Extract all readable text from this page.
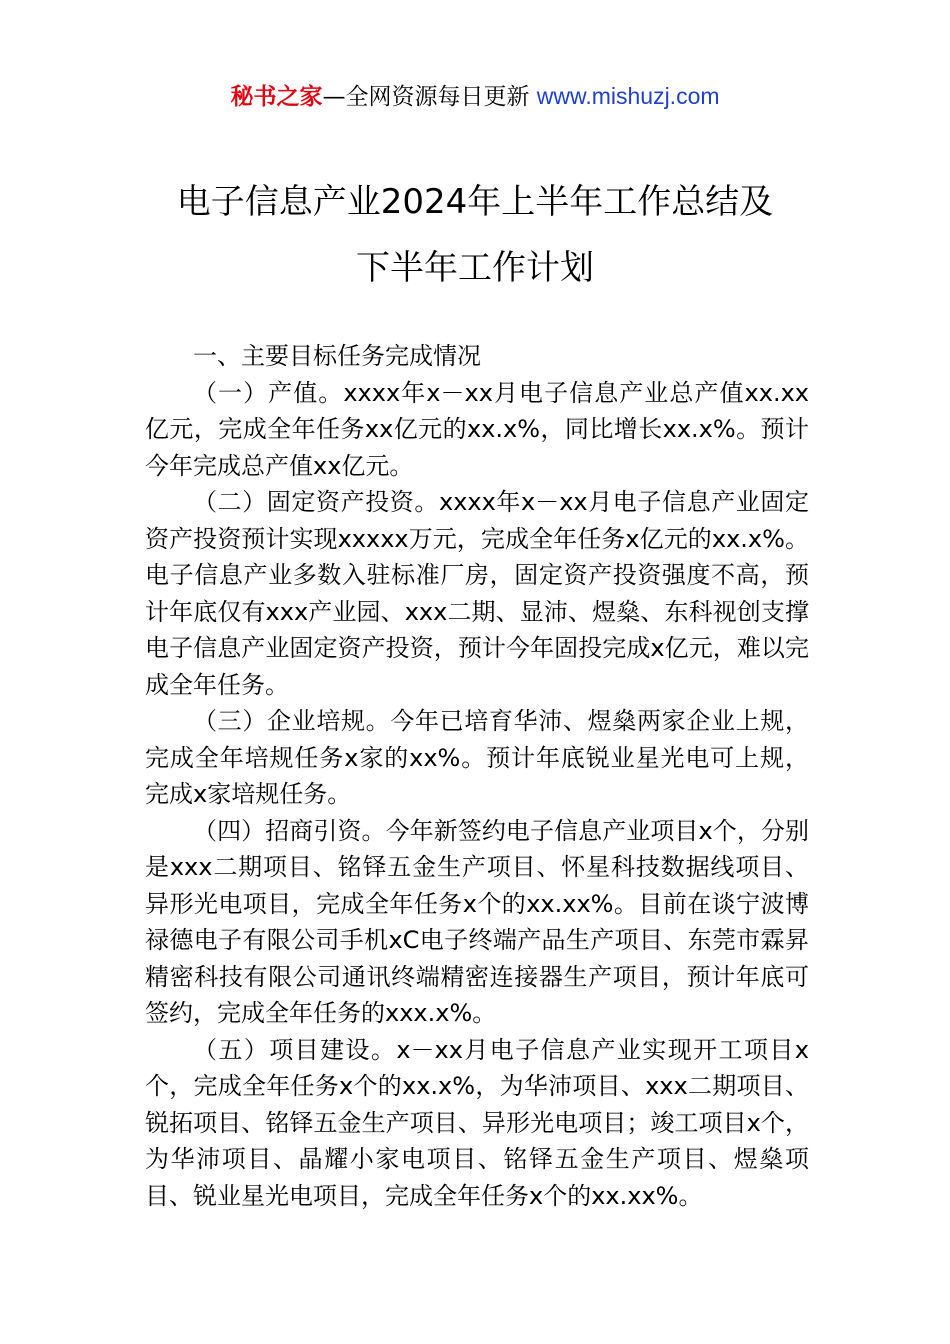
秘书之家—全网资源每日更新 www.mishuzj.com
电子信息产业2024年上半年工作总结及
下半年工作计划

一、主要目标任务完成情况

（一）产值。xxxx年x－xx月电子信息产业总产值xx.xx亿元，完成全年任务xx亿元的xx.x%，同比增长xx.x%。预计今年完成总产值xx亿元。

（二）固定资产投资。xxxx年x－xx月电子信息产业固定资产投资预计实现xxxxx万元，完成全年任务x亿元的xx.x%。电子信息产业多数入驻标准厂房，固定资产投资强度不高，预计年底仅有xxx产业园、xxx二期、显沛、煜燊、东科视创支撑电子信息产业固定资产投资，预计今年固投完成x亿元，难以完成全年任务。

（三）企业培规。今年已培育华沛、煜燊两家企业上规，完成全年培规任务x家的xx%。预计年底锐业星光电可上规，完成x家培规任务。

（四）招商引资。今年新签约电子信息产业项目x个，分别是xxx二期项目、铭铎五金生产项目、怀星科技数据线项目、异形光电项目，完成全年任务x个的xx.xx%。目前在谈宁波博禄德电子有限公司手机xC电子终端产品生产项目、东莞市霖昇精密科技有限公司通讯终端精密连接器生产项目，预计年底可签约，完成全年任务的xxx.x%。

（五）项目建设。x－xx月电子信息产业实现开工项目x个，完成全年任务x个的xx.x%，为华沛项目、xxx二期项目、锐拓项目、铭铎五金生产项目、异形光电项目；竣工项目x个，为华沛项目、晶耀小家电项目、铭铎五金生产项目、煜燊项目、锐业星光电项目，完成全年任务x个的xx.xx%。
